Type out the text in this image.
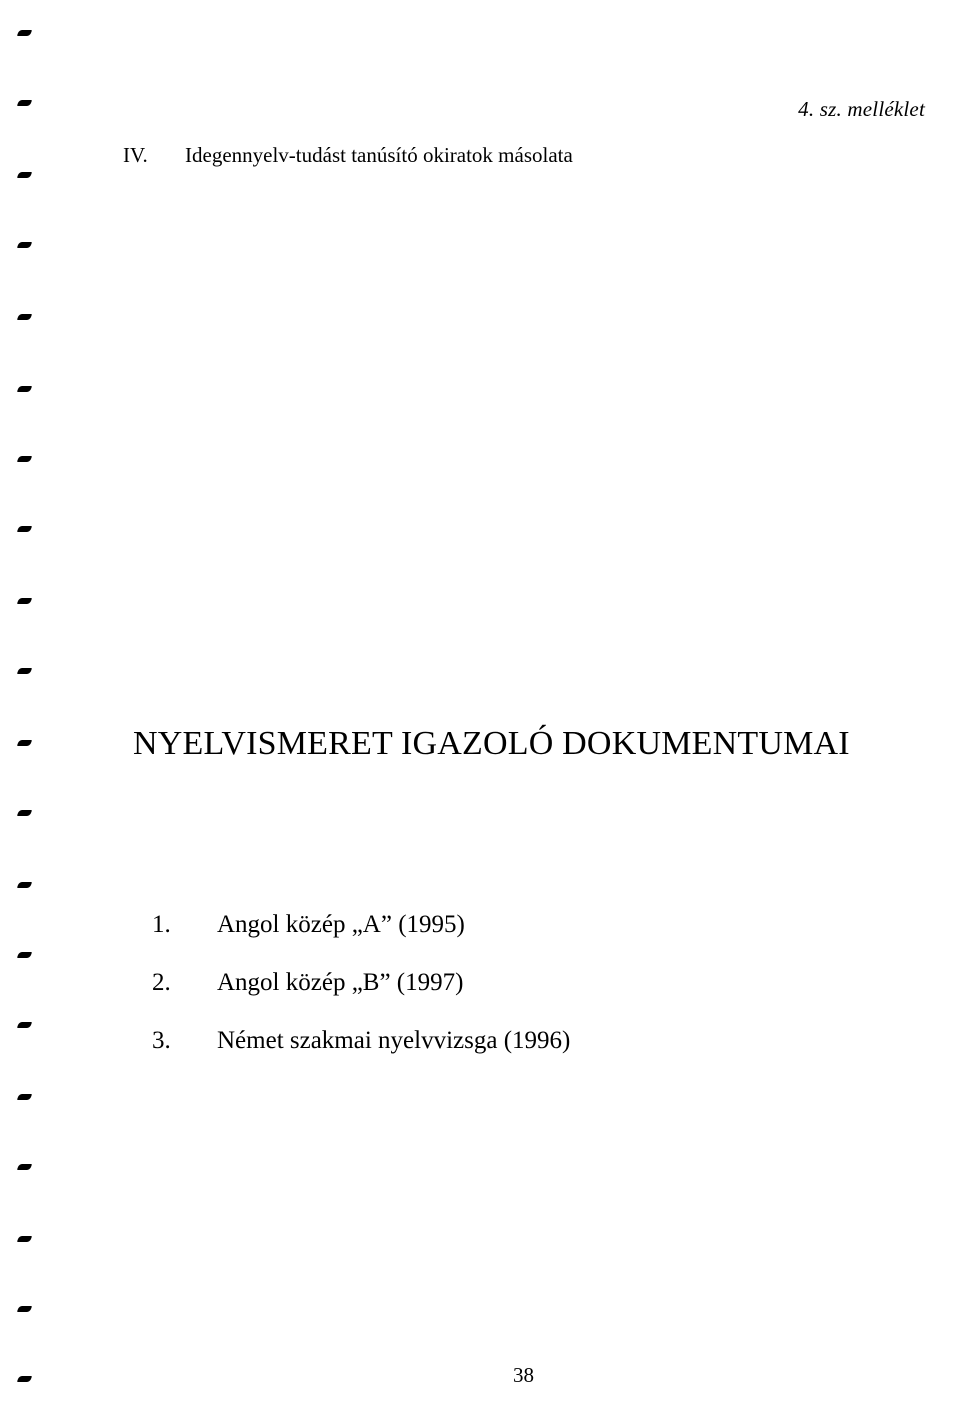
4. sz. melléklet
IV. Idegennyelv-tudást tanúsító okiratok másolata
NYELVISMERET IGAZOLÓ DOKUMENTUMAI
1. Angol közép „A” (1995)
2. Angol közép „B” (1997)
3. Német szakmai nyelvvizsga (1996)
38
